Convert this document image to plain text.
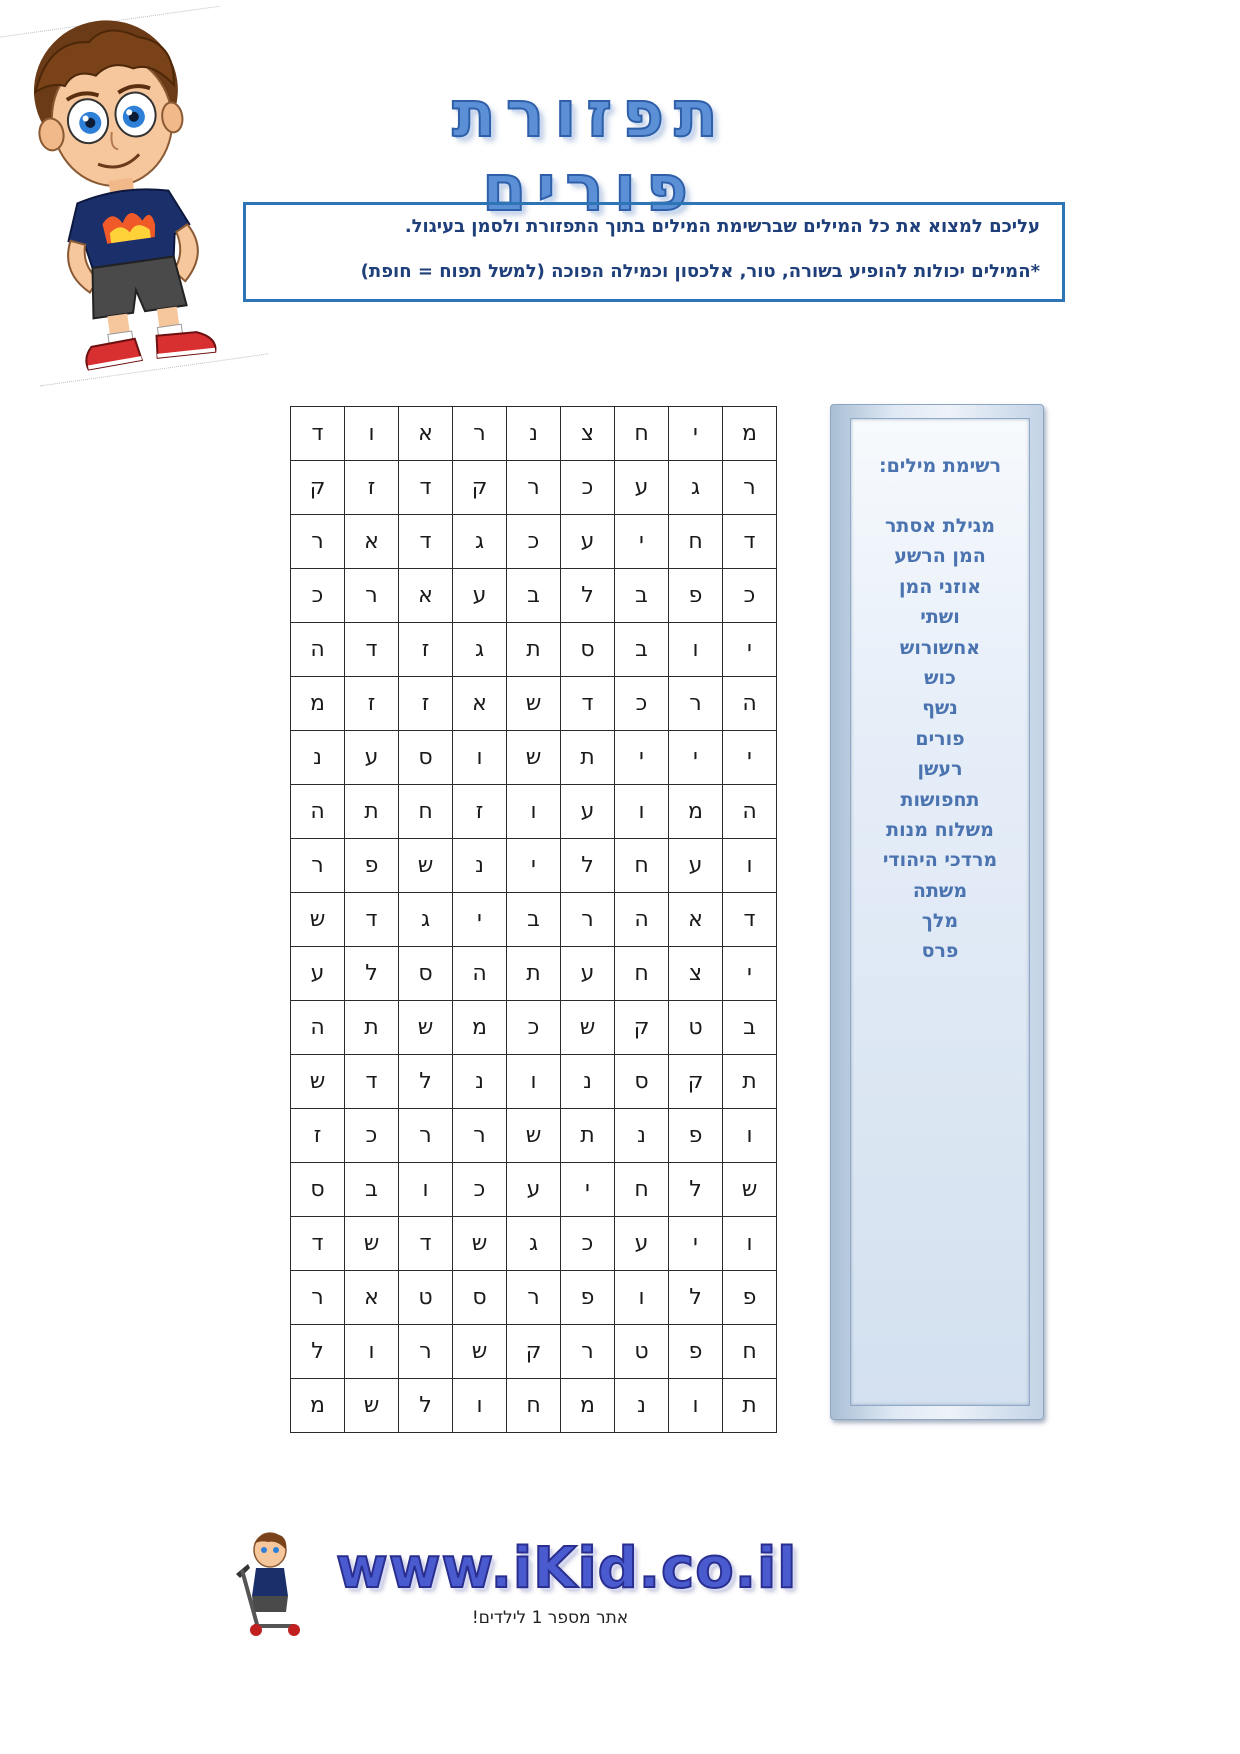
תפזורת פורים

עליכם למצוא את כל המילים שברשימת המילים בתוך התפזורת ולסמן בעיגול.

*המילים יכולות להופיע בשורה, טור, אלכסון וכמילה הפוכה (למשל תפוח = חופת)

מ	י	ח	צ	נ	ר	א	ו	ד
ר	ג	ע	כ	ר	ק	ד	ז	ק
ד	ח	י	ע	כ	ג	ד	א	ר
כ	פ	ב	ל	ב	ע	א	ר	כ
י	ו	ב	ס	ת	ג	ז	ד	ה
ה	ר	כ	ד	ש	א	ז	ז	מ
י	י	י	ת	ש	ו	ס	ע	נ
ה	מ	ו	ע	ו	ז	ח	ת	ה
ו	ע	ח	ל	י	נ	ש	פ	ר
ד	א	ה	ר	ב	י	ג	ד	ש
י	צ	ח	ע	ת	ה	ס	ל	ע
ב	ט	ק	ש	כ	מ	ש	ת	ה
ת	ק	ס	נ	ו	נ	ל	ד	ש
ו	פ	נ	ת	ש	ר	ר	כ	ז
ש	ל	ח	י	ע	כ	ו	ב	ס
ו	י	ע	כ	ג	ש	ד	ש	ד
פ	ל	ו	פ	ר	ס	ט	א	ר
ח	פ	ט	ר	ק	ש	ר	ו	ל
ת	ו	נ	מ	ח	ו	ל	ש	מ
רשימת מילים:
מגילת אסתר
המן הרשע
אוזני המן
ושתי
אחשורוש
כוש
נשף
פורים
רעשן
תחפושות
משלוח מנות
מרדכי היהודי
משתה
מלך
פרס
www.iKid.co.il
אתר מספר 1 לילדים!
